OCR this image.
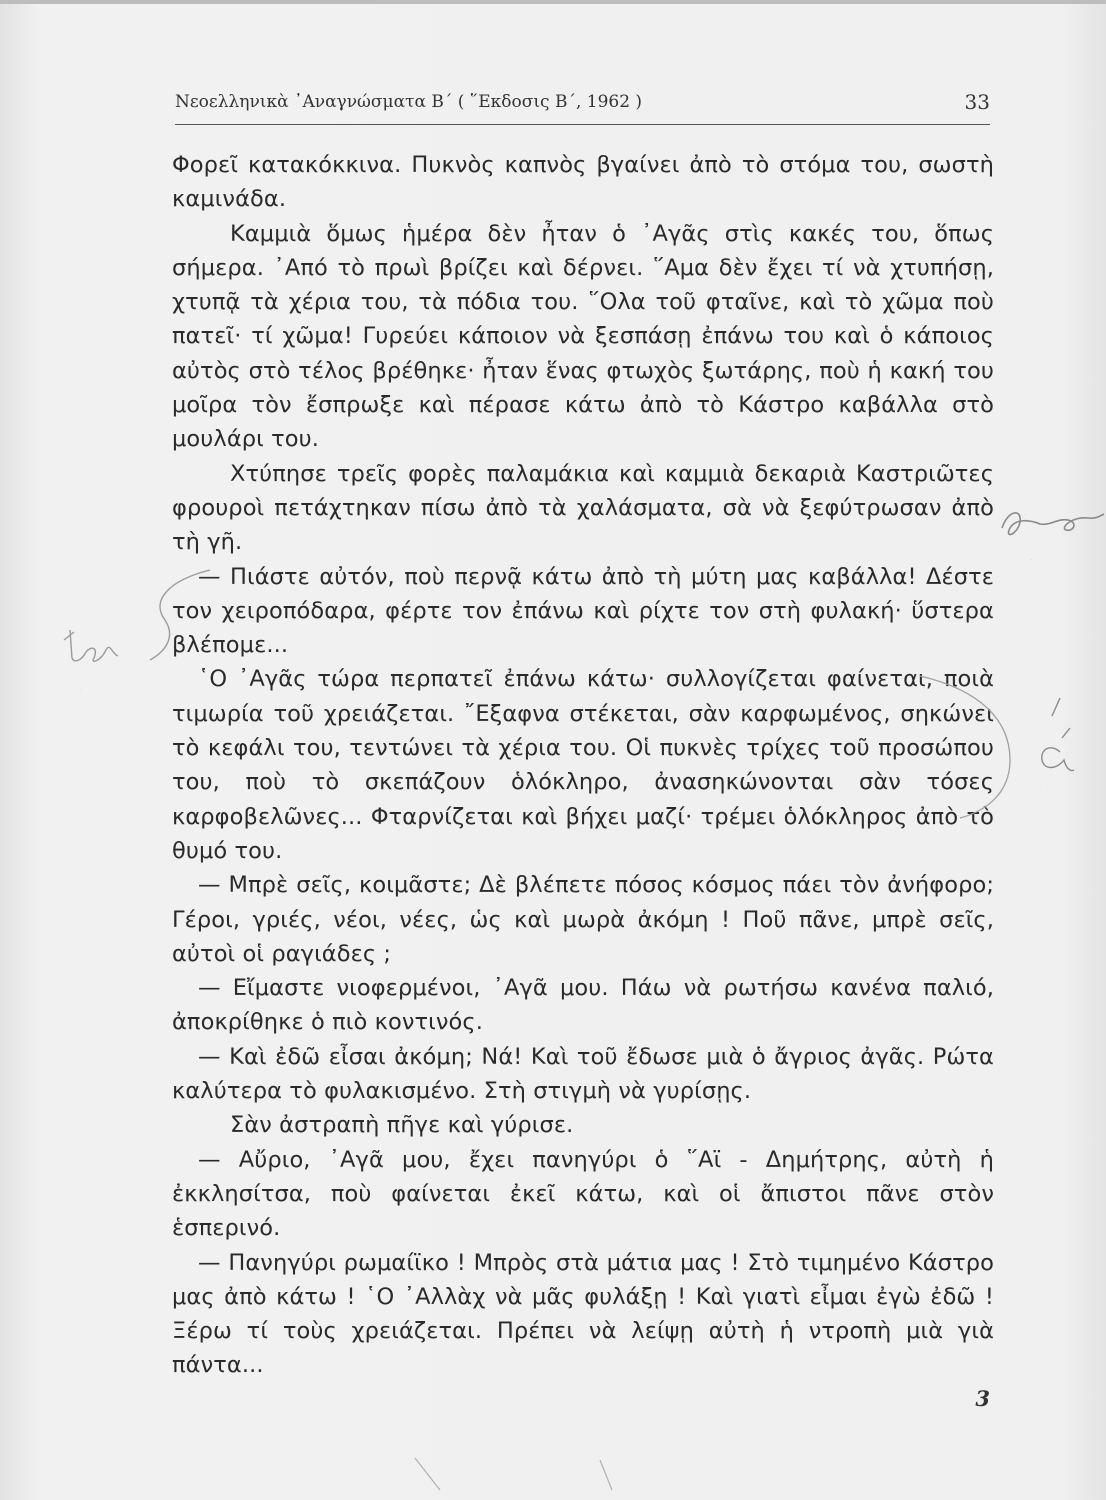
Νεοελληνικὰ ᾿Αναγνώσματα Β΄ ( ῞Εκδοσις Β΄, 1962 )	33

Φορεῖ κατακόκκινα. Πυκνὸς καπνὸς βγαίνει ἀπὸ τὸ στόμα του, σωστὴ καμινάδα.

Καμμιὰ ὅμως ἡμέρα δὲν ἦταν ὁ ᾿Αγᾶς στὶς κακές του, ὅπως σήμερα. ᾿Από τὸ πρωὶ βρίζει καὶ δέρνει. ῞Αμα δὲν ἔχει τί νὰ χτυπήσῃ, χτυπᾷ τὰ χέρια του, τὰ πόδια του. ῞Ολα τοῦ φταῖνε, καὶ τὸ χῶμα ποὺ πατεῖ· τί χῶμα! Γυρεύει κάποιον νὰ ξεσπάσῃ ἐπάνω του καὶ ὁ κάποιος αὐτὸς στὸ τέλος βρέθηκε· ἦταν ἕνας φτωχὸς ξωτάρης, ποὺ ἡ κακή του μοῖρα τὸν ἔσπρωξε καὶ πέρασε κάτω ἀπὸ τὸ Κάστρο καβάλλα στὸ μουλάρι του.

Χτύπησε τρεῖς φορὲς παλαμάκια καὶ καμμιὰ δεκαριὰ Καστριῶτες φρουροὶ πετάχτηκαν πίσω ἀπὸ τὰ χαλάσματα, σὰ νὰ ξεφύτρωσαν ἀπὸ τὴ γῆ.

— Πιάστε αὐτόν, ποὺ περνᾷ κάτω ἀπὸ τὴ μύτη μας καβάλλα! Δέστε τον χειροπόδαρα, φέρτε τον ἐπάνω καὶ ρίχτε τον στὴ φυλακή· ὕστερα βλέπομε...

῾Ο ᾿Αγᾶς τώρα περπατεῖ ἐπάνω κάτω· συλλογίζεται φαίνεται, ποιὰ τιμωρία τοῦ χρειάζεται. ῎Εξαφνα στέκεται, σὰν καρφωμένος, σηκώνει τὸ κεφάλι του, τεντώνει τὰ χέρια του. Οἱ πυκνὲς τρίχες τοῦ προσώπου του, ποὺ τὸ σκεπάζουν ὁλόκληρο, ἀνασηκώνονται σὰν τόσες καρφοβελῶνες... Φταρνίζεται καὶ βήχει μαζί· τρέμει ὁλόκληρος ἀπὸ τὸ θυμό του.

— Μπρὲ σεῖς, κοιμᾶστε; Δὲ βλέπετε πόσος κόσμος πάει τὸν ἀνήφορο; Γέροι, γριές, νέοι, νέες, ὡς καὶ μωρὰ ἀκόμη ! Ποῦ πᾶνε, μπρὲ σεῖς, αὐτοὶ οἱ ραγιάδες ;

— Εἴμαστε νιοφερμένοι, ᾿Αγᾶ μου. Πάω νὰ ρωτήσω κανένα παλιό, ἀποκρίθηκε ὁ πιὸ κοντινός.

— Καὶ ἐδῶ εἶσαι ἀκόμη; Νά! Καὶ τοῦ ἔδωσε μιὰ ὁ ἄγριος ἀγᾶς. Ρώτα καλύτερα τὸ φυλακισμένο. Στὴ στιγμὴ νὰ γυρίσῃς.

Σὰν ἀστραπὴ πῆγε καὶ γύρισε.

— Αὔριο, ᾿Αγᾶ μου, ἔχει πανηγύρι ὁ ῞Αϊ - Δημήτρης, αὐτὴ ἡ ἐκκλησίτσα, ποὺ φαίνεται ἐκεῖ κάτω, καὶ οἱ ἄπιστοι πᾶνε στὸν ἑσπερινό.

— Πανηγύρι ρωμαίϊκο ! Μπρὸς στὰ μάτια μας ! Στὸ τιμημένο Κάστρο μας ἀπὸ κάτω ! ῾Ο ᾿Αλλὰχ νὰ μᾶς φυλάξῃ ! Καὶ γιατὶ εἶμαι ἐγὼ ἐδῶ ! Ξέρω τί τοὺς χρειάζεται. Πρέπει νὰ λείψῃ αὐτὴ ἡ ντροπὴ μιὰ γιὰ πάντα...

3
Ρεγ
Τα
ά
